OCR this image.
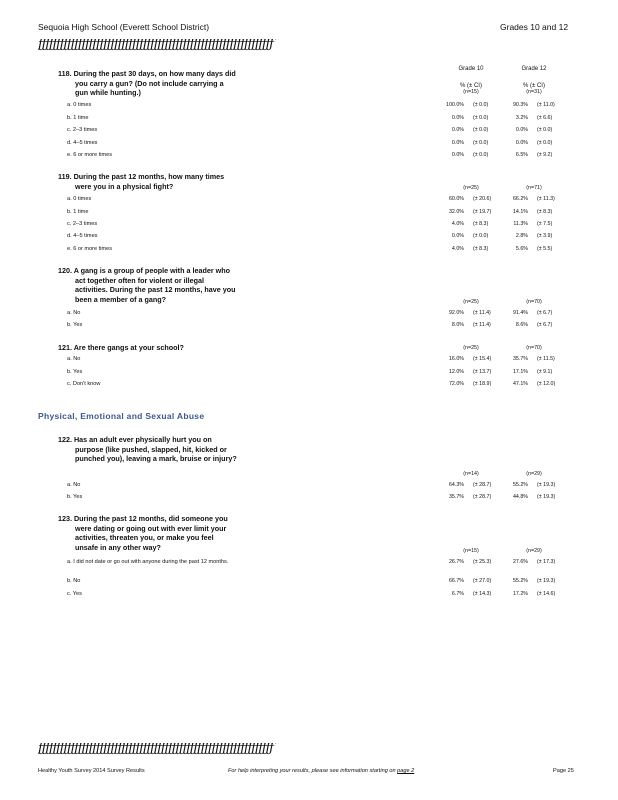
Sequoia High School (Everett School District)	Grades 10 and 12
ƒƒƒƒƒƒƒƒƒƒƒƒƒƒƒƒƒƒƒƒƒƒƒƒƒƒƒƒƒƒƒƒƒƒƒƒƒƒƒƒƒƒƒƒƒƒƒƒƒƒƒƒƒƒƒƒƒƒƒƒƒƒƒƒƒ
Grade 10	Grade 12
% (± CI)	% (± CI)
118. During the past 30 days, on how many days did
you carry a gun? (Do not include carrying a
gun while hunting.)	(n=15)	(n=31)
a. 0 times	100.0% (± 0.0)	90.3% (± 11.0)
b. 1 time	0.0% (± 0.0)	3.2% (± 6.6)
c. 2–3 times	0.0% (± 0.0)	0.0% (± 0.0)
d. 4–5 times	0.0% (± 0.0)	0.0% (± 0.0)
e. 6 or more times	0.0% (± 0.0)	6.5% (± 9.2)
119. During the past 12 months, how many times
were you in a physical fight?	(n=25)	(n=71)
a. 0 times	60.0% (± 20.6)	66.2% (± 11.3)
b. 1 time	32.0% (± 19.7)	14.1% (± 8.3)
c. 2–3 times	4.0% (± 8.3)	11.3% (± 7.5)
d. 4–5 times	0.0% (± 0.0)	2.8% (± 3.9)
e. 6 or more times	4.0% (± 8.3)	5.6% (± 5.5)
120. A gang is a group of people with a leader who
act together often for violent or illegal
activities. During the past 12 months, have you
been a member of a gang?	(n=25)	(n=70)
a. No	92.0% (± 11.4)	91.4% (± 6.7)
b. Yes	8.0% (± 11.4)	8.6% (± 6.7)
121. Are there gangs at your school?	(n=25)	(n=70)
a. No	16.0% (± 15.4)	35.7% (± 11.5)
b. Yes	12.0% (± 13.7)	17.1% (± 9.1)
c. Don't know	72.0% (± 18.9)	47.1% (± 12.0)
122. Has an adult ever physically hurt you on
purpose (like pushed, slapped, hit, kicked or
punched you), leaving a mark, bruise or injury?
(n=14)	(n=29)
a. No	64.3% (± 28.7)	55.2% (± 19.3)
b. Yes	35.7% (± 28.7)	44.8% (± 19.3)
123. During the past 12 months, did someone you
were dating or going out with ever limit your
activities, threaten you, or make you feel
unsafe in any other way?	(n=15)	(n=29)
a. I did not date or go out with anyone during the past 12 months.	26.7% (± 25.3)	27.6% (± 17.3)
b. No	66.7% (± 27.0)	55.2% (± 19.3)
c. Yes	6.7% (± 14.3)	17.2% (± 14.6)
Physical, Emotional and Sexual Abuse
ƒƒƒƒƒƒƒƒƒƒƒƒƒƒƒƒƒƒƒƒƒƒƒƒƒƒƒƒƒƒƒƒƒƒƒƒƒƒƒƒƒƒƒƒƒƒƒƒƒƒƒƒƒƒƒƒƒƒƒƒƒƒƒƒƒ
Healthy Youth Survey 2014 Survey Results	For help interpreting your results, please see information starting on page 2	Page 25
